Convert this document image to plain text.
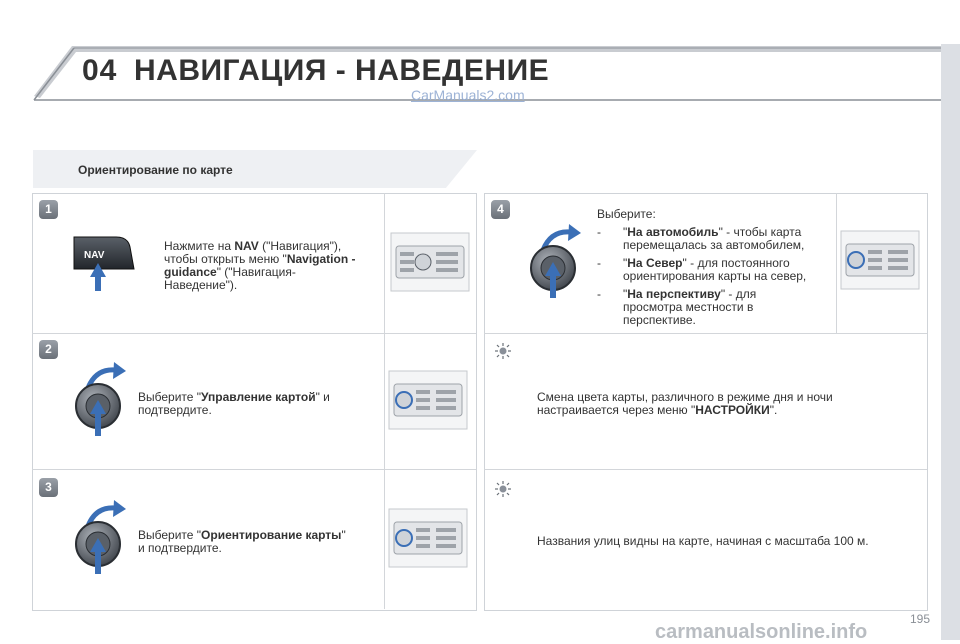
04 НАВИГАЦИЯ - НАВЕДЕНИЕ
CarManuals2.com
Ориентирование по карте
1
2
3
4
NAV
Нажмите на NAV ("Навигация"),
чтобы открыть меню "Navigation -
guidance" ("Навигация-
Наведение").
Выберите "Управление картой" и
подтвердите.
Выберите "Ориентирование карты"
и подтвердите.
Выберите:
- "На автомобиль" - чтобы карта
перемещалась за автомобилем,
- "На Север" - для постоянного
ориентирования карты на север,
- "На перспективу" - для
просмотра местности в
перспективе.
Смена цвета карты, различного в режиме дня и ночи
настраивается через меню "НАСТРОЙКИ".
Названия улиц видны на карте, начиная с масштаба 100 м.
195
carmanualsonline.info
